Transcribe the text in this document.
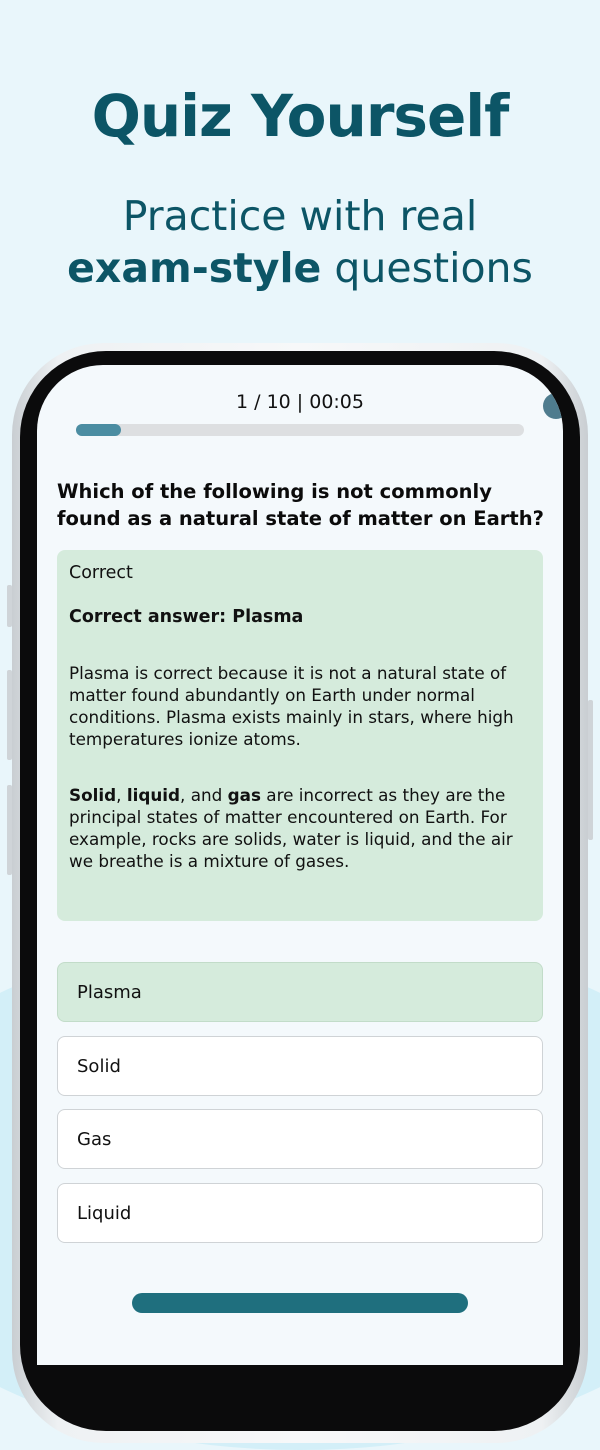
Quiz Yourself
Practice with real
exam-style questions
1 / 10 | 00:05
Which of the following is not commonly found as a natural state of matter on Earth?
Correct
Correct answer: Plasma
Plasma is correct because it is not a natural state of matter found abundantly on Earth under normal conditions. Plasma exists mainly in stars, where high temperatures ionize atoms.
Solid, liquid, and gas are incorrect as they are the principal states of matter encountered on Earth. For example, rocks are solids, water is liquid, and the air we breathe is a mixture of gases.
Plasma
Solid
Gas
Liquid
